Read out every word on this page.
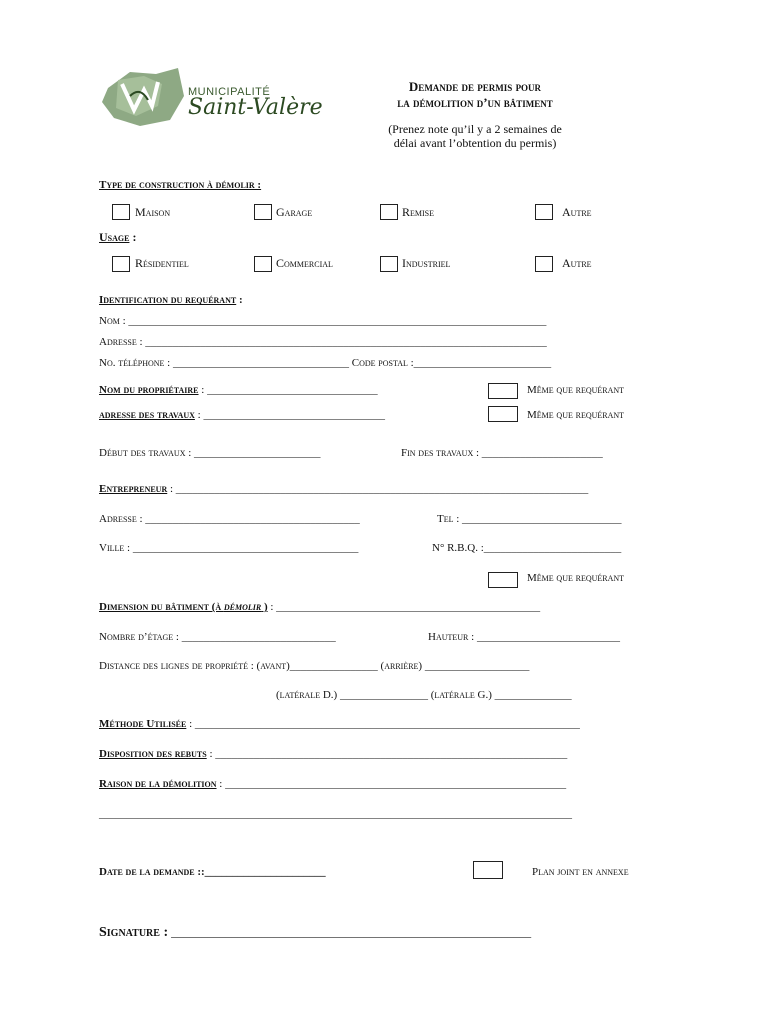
MUNICIPALITÉ
Saint-Valère
Demande de permis pour
la démolition d’un bâtiment
(Prenez note qu’il y a 2 semaines de
délai avant l’obtention du permis)
Type de construction à démolir :
Maison	Garage	Remise	Autre
Usage :
Résidentiel	Commercial	Industriel	Autre
Identification du requérant :
Nom : ____________________________________________________________________________
Adresse : _________________________________________________________________________
No. téléphone : ________________________________ Code postal :_________________________
Nom du propriétaire : _______________________________	Même que requérant
adresse des travaux : _________________________________	Même que requérant
Début des travaux : _______________________	Fin des travaux : ______________________
Entrepreneur : ___________________________________________________________________________
Adresse : _______________________________________	Tel : _____________________________
Ville : _________________________________________	N° R.B.Q. :_________________________
Même que requérant
Dimension du bâtiment (à démolir ) : ________________________________________________
Nombre d’étage : ____________________________	Hauteur : __________________________
Distance des lignes de propriété : (avant)________________ (arrière) ___________________
(latérale D.) ________________ (latérale G.) ______________
Méthode Utilisée : ______________________________________________________________________
Disposition des rebuts : ________________________________________________________________
Raison de la démolition : ______________________________________________________________
______________________________________________________________________________________
Date de la demande ::______________________	Plan joint en annexe
Signature : ____________________________________________________________
